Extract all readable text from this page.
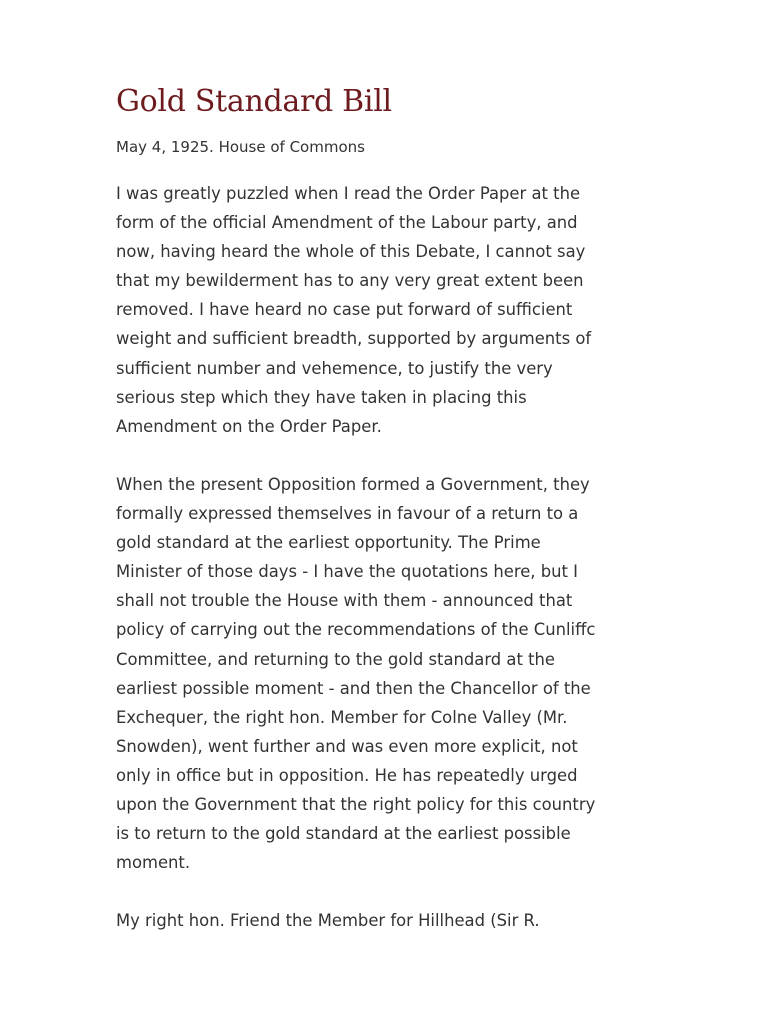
Gold Standard Bill
May 4, 1925. House of Commons

I was greatly puzzled when I read the Order Paper at the
form of the official Amendment of the Labour party, and
now, having heard the whole of this Debate, I cannot say
that my bewilderment has to any very great extent been
removed. I have heard no case put forward of sufficient
weight and sufficient breadth, supported by arguments of
sufficient number and vehemence, to justify the very
serious step which they have taken in placing this
Amendment on the Order Paper.

When the present Opposition formed a Government, they
formally expressed themselves in favour of a return to a
gold standard at the earliest opportunity. The Prime
Minister of those days - I have the quotations here, but I
shall not trouble the House with them - announced that
policy of carrying out the recommendations of the Cunliffc
Committee, and returning to the gold standard at the
earliest possible moment - and then the Chancellor of the
Exchequer, the right hon. Member for Colne Valley (Mr.
Snowden), went further and was even more explicit, not
only in office but in opposition. He has repeatedly urged
upon the Government that the right policy for this country
is to return to the gold standard at the earliest possible
moment.

My right hon. Friend the Member for Hillhead (Sir R.
